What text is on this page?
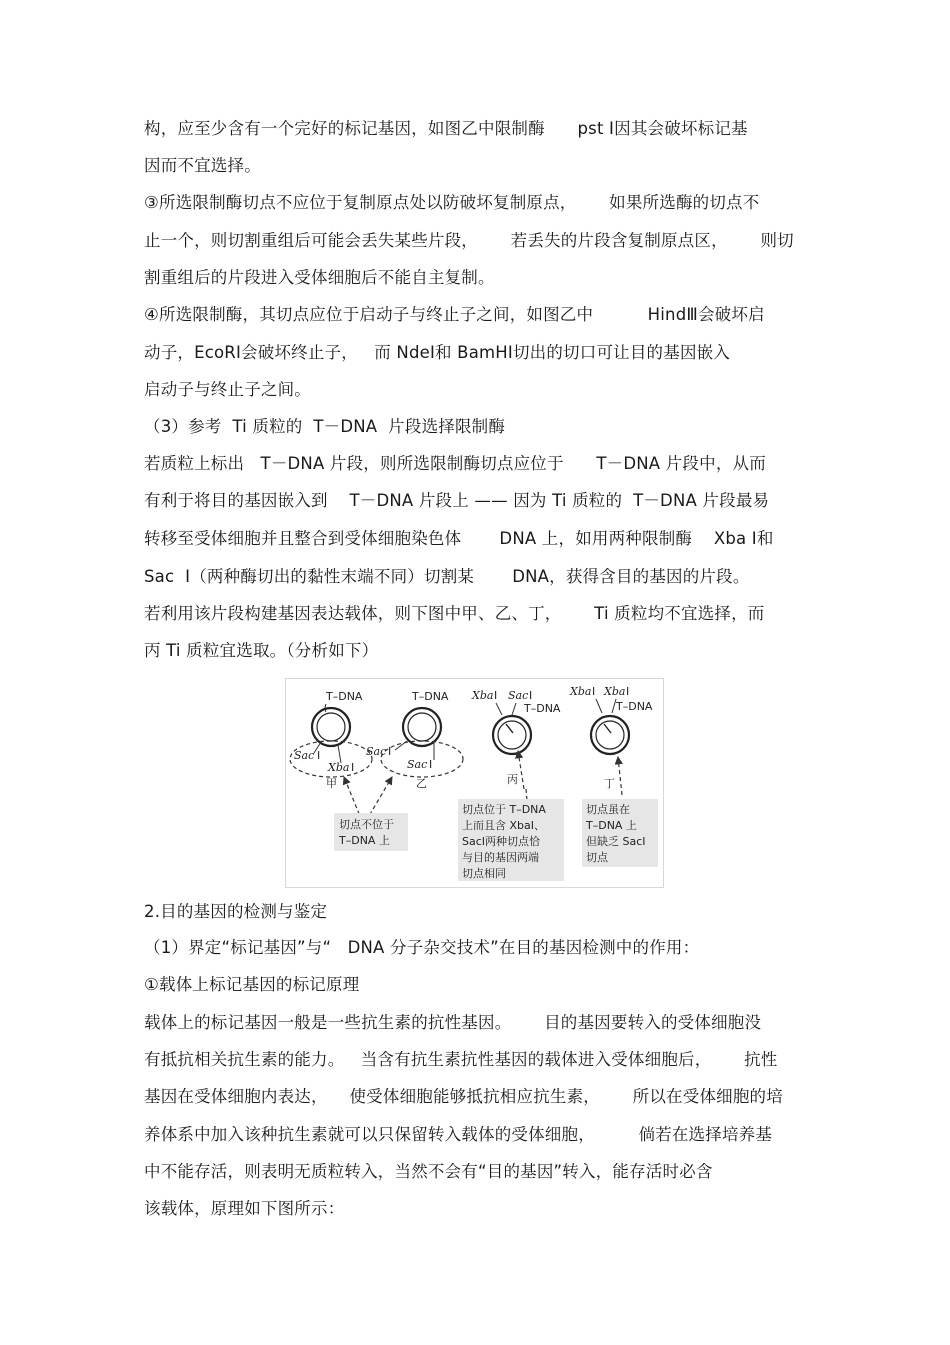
构，应至少含有一个完好的标记基因，如图乙中限制酶      pst Ⅰ因其会破坏标记基
因而不宜选择。
③所选限制酶切点不应位于复制原点处以防破坏复制原点，      如果所选酶的切点不
止一个，则切割重组后可能会丢失某些片段，      若丢失的片段含复制原点区，      则切
割重组后的片段进入受体细胞后不能自主复制。
④所选限制酶，其切点应位于启动子与终止子之间，如图乙中          HindⅢ会破坏启
动子，EcoRⅠ会破坏终止子，   而 NdeⅠ和 BamHⅠ切出的切口可让目的基因嵌入
启动子与终止子之间。
（3）参考  Ti 质粒的  T－DNA  片段选择限制酶
若质粒上标出   T－DNA 片段，则所选限制酶切点应位于      T－DNA 片段中，从而
有利于将目的基因嵌入到    T－DNA 片段上 —— 因为 Ti 质粒的  T－DNA 片段最易
转移至受体细胞并且整合到受体细胞染色体       DNA 上，如用两种限制酶    Xba Ⅰ和
Sac  Ⅰ（两种酶切出的黏性末端不同）切割某       DNA，获得含目的基因的片段。
若利用该片段构建基因表达载体，则下图中甲、乙、丁，      Ti 质粒均不宜选择，而
丙 Ti 质粒宜选取。（分析如下）
T–DNA
Sac Ⅰ
Xba Ⅰ
甲
T–DNA
Sac Ⅰ
Sac Ⅰ
乙
切点不位于
T–DNA 上
Xba Ⅰ Sac Ⅰ
T–DNA
丙
切点位于 T–DNA
上而且含 XbaⅠ、
SacⅠ两种切点恰
与目的基因两端
切点相同
Xba Ⅰ Xba Ⅰ
T–DNA
丁
切点虽在
T–DNA 上
但缺乏 SacⅠ
切点
2.目的基因的检测与鉴定
（1）界定“标记基因”与“   DNA 分子杂交技术”在目的基因检测中的作用：
①载体上标记基因的标记原理
载体上的标记基因一般是一些抗生素的抗性基因。      目的基因要转入的受体细胞没
有抵抗相关抗生素的能力。   当含有抗生素抗性基因的载体进入受体细胞后，      抗性
基因在受体细胞内表达，    使受体细胞能够抵抗相应抗生素，      所以在受体细胞的培
养体系中加入该种抗生素就可以只保留转入载体的受体细胞，        倘若在选择培养基
中不能存活，则表明无质粒转入，当然不会有“目的基因”转入，能存活时必含
该载体，原理如下图所示：
